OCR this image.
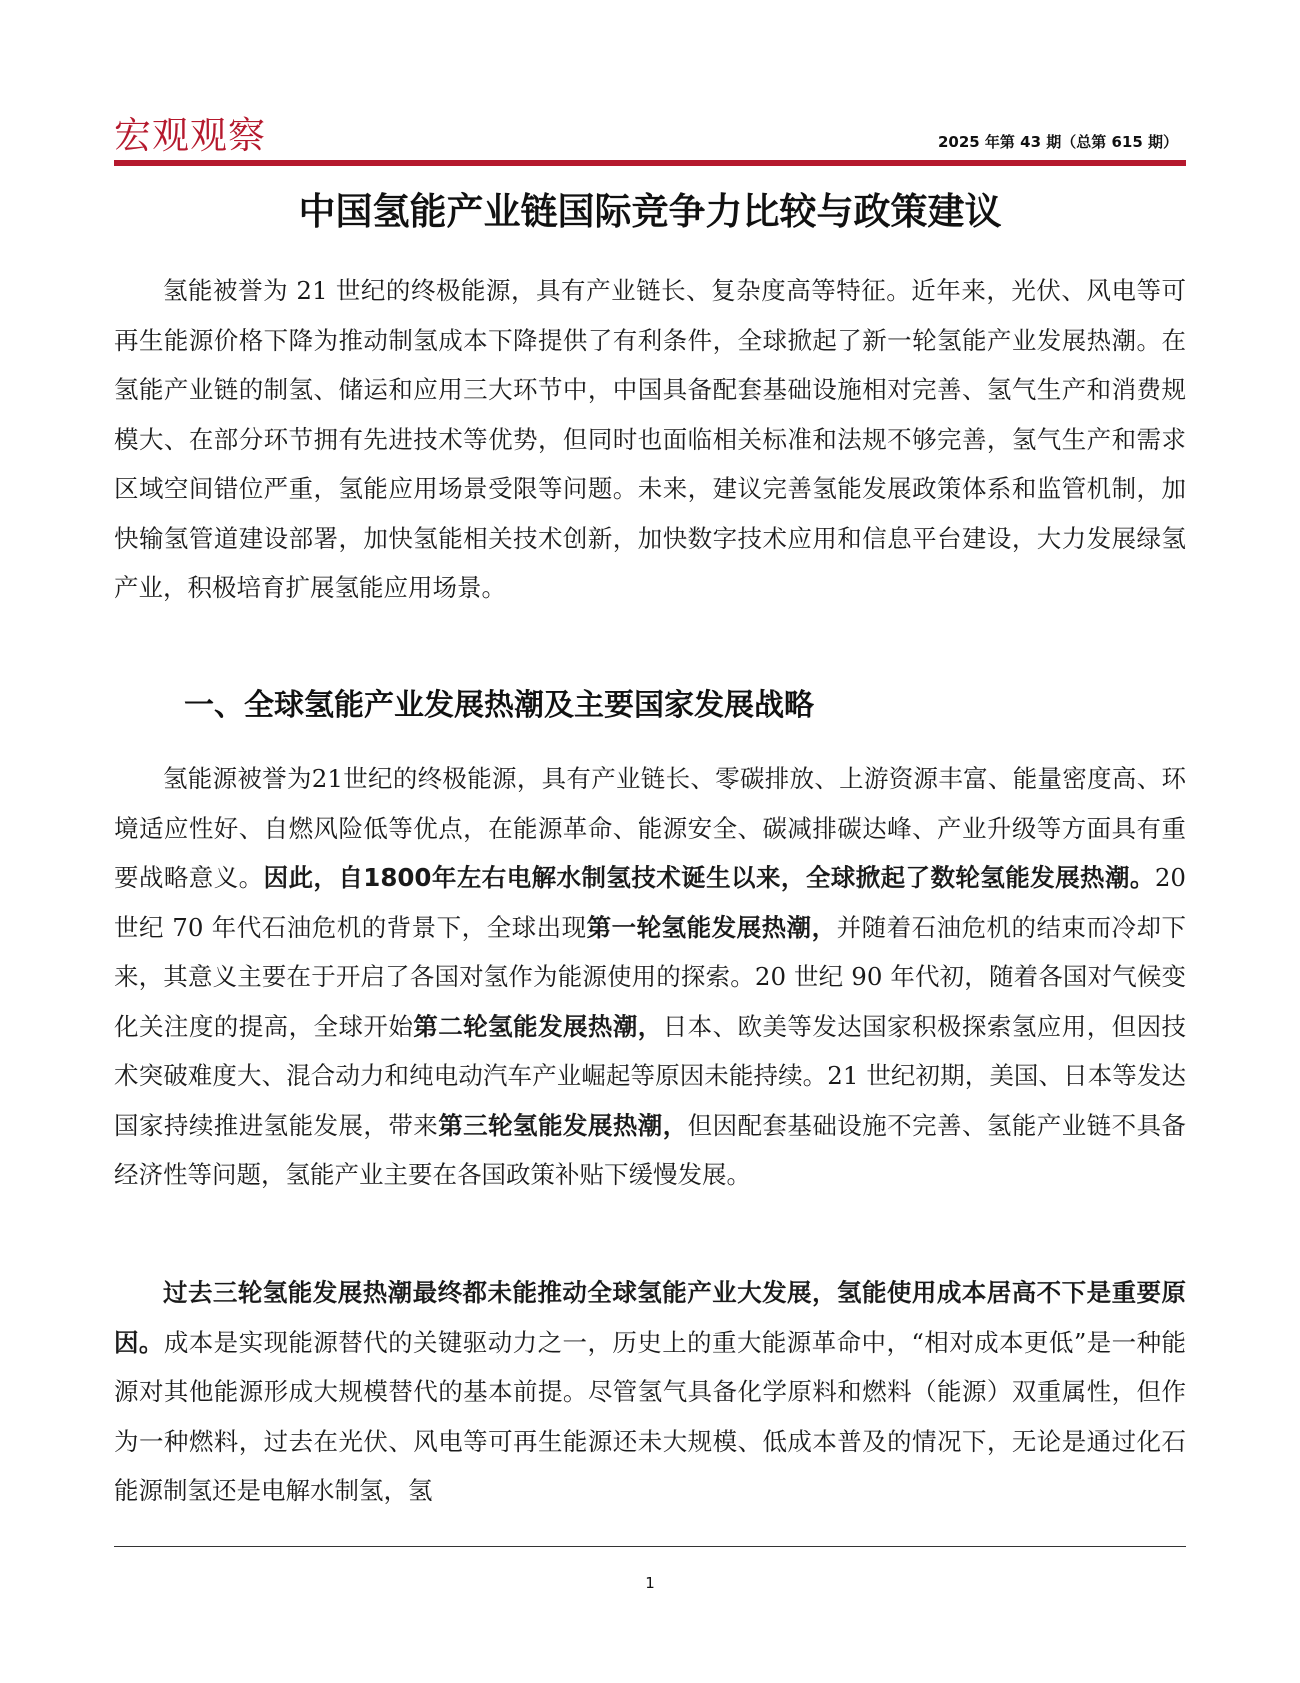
宏观观察	2025 年第 43 期（总第 615 期）
中国氢能产业链国际竞争力比较与政策建议

氢能被誉为 21 世纪的终极能源，具有产业链长、复杂度高等特征。近年来，光伏、风电等可再生能源价格下降为推动制氢成本下降提供了有利条件，全球掀起了新一轮氢能产业发展热潮。在氢能产业链的制氢、储运和应用三大环节中，中国具备配套基础设施相对完善、氢气生产和消费规模大、在部分环节拥有先进技术等优势，但同时也面临相关标准和法规不够完善，氢气生产和需求区域空间错位严重，氢能应用场景受限等问题。未来，建议完善氢能发展政策体系和监管机制，加快输氢管道建设部署，加快氢能相关技术创新，加快数字技术应用和信息平台建设，大力发展绿氢产业，积极培育扩展氢能应用场景。

一、全球氢能产业发展热潮及主要国家发展战略

氢能源被誉为21世纪的终极能源，具有产业链长、零碳排放、上游资源丰富、能量密度高、环境适应性好、自燃风险低等优点，在能源革命、能源安全、碳减排碳达峰、产业升级等方面具有重要战略意义。因此，自1800年左右电解水制氢技术诞生以来，全球掀起了数轮氢能发展热潮。20 世纪 70 年代石油危机的背景下，全球出现第一轮氢能发展热潮，并随着石油危机的结束而冷却下来，其意义主要在于开启了各国对氢作为能源使用的探索。20 世纪 90 年代初，随着各国对气候变化关注度的提高，全球开始第二轮氢能发展热潮，日本、欧美等发达国家积极探索氢应用，但因技术突破难度大、混合动力和纯电动汽车产业崛起等原因未能持续。21 世纪初期，美国、日本等发达国家持续推进氢能发展，带来第三轮氢能发展热潮，但因配套基础设施不完善、氢能产业链不具备经济性等问题，氢能产业主要在各国政策补贴下缓慢发展。

过去三轮氢能发展热潮最终都未能推动全球氢能产业大发展，氢能使用成本居高不下是重要原因。成本是实现能源替代的关键驱动力之一，历史上的重大能源革命中，“相对成本更低”是一种能源对其他能源形成大规模替代的基本前提。尽管氢气具备化学原料和燃料（能源）双重属性，但作为一种燃料，过去在光伏、风电等可再生能源还未大规模、低成本普及的情况下，无论是通过化石能源制氢还是电解水制氢，氢

1
